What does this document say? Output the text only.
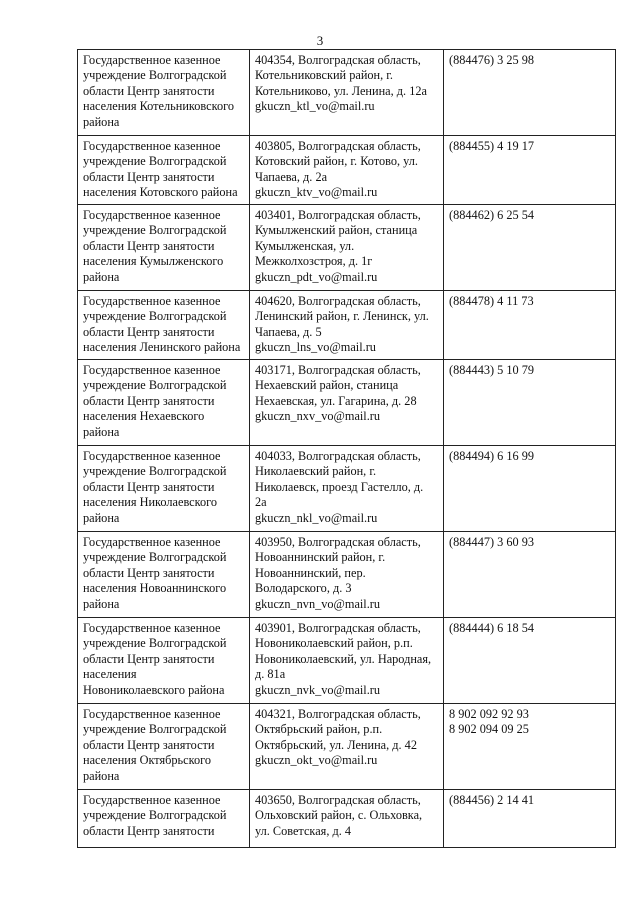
3
Государственное казенное
учреждение Волгоградской
области Центр занятости
населения Котельниковского
района	404354, Волгоградская область,
Котельниковский район, г.
Котельниково, ул. Ленина, д. 12а
gkuczn_ktl_vo@mail.ru	(884476) 3 25 98

Государственное казенное
учреждение Волгоградской
области Центр занятости
населения Котовского района	403805, Волгоградская область,
Котовский район, г. Котово, ул.
Чапаева, д. 2а
gkuczn_ktv_vo@mail.ru	(884455) 4 19 17

Государственное казенное
учреждение Волгоградской
области Центр занятости
населения Кумылженского
района	403401, Волгоградская область,
Кумылженский район, станица
Кумылженская, ул.
Межколхозстроя, д. 1г
gkuczn_pdt_vo@mail.ru	(884462) 6 25 54

Государственное казенное
учреждение Волгоградской
области Центр занятости
населения Ленинского района	404620, Волгоградская область,
Ленинский район, г. Ленинск, ул.
Чапаева, д. 5
gkuczn_lns_vo@mail.ru	(884478) 4 11 73

Государственное казенное
учреждение Волгоградской
области Центр занятости
населения Нехаевского
района	403171, Волгоградская область,
Нехаевский район, станица
Нехаевская, ул. Гагарина, д. 28
gkuczn_nxv_vo@mail.ru	(884443) 5 10 79

Государственное казенное
учреждение Волгоградской
области Центр занятости
населения Николаевского
района	404033, Волгоградская область,
Николаевский район, г.
Николаевск, проезд Гастелло, д.
2а
gkuczn_nkl_vo@mail.ru	(884494) 6 16 99

Государственное казенное
учреждение Волгоградской
области Центр занятости
населения Новоаннинского
района	403950, Волгоградская область,
Новоаннинский район, г.
Новоаннинский, пер.
Володарского, д. 3
gkuczn_nvn_vo@mail.ru	(884447) 3 60 93

Государственное казенное
учреждение Волгоградской
области Центр занятости
населения
Новониколаевского района	403901, Волгоградская область,
Новониколаевский район, р.п.
Новониколаевский, ул. Народная,
д. 81а
gkuczn_nvk_vo@mail.ru	(884444) 6 18 54

Государственное казенное
учреждение Волгоградской
области Центр занятости
населения Октябрьского
района	404321, Волгоградская область,
Октябрьский район, р.п.
Октябрьский, ул. Ленина, д. 42
gkuczn_okt_vo@mail.ru	8 902 092 92 93
8 902 094 09 25

Государственное казенное
учреждение Волгоградской
области Центр занятости	403650, Волгоградская область,
Ольховский район, с. Ольховка,
ул. Советская, д. 4	(884456) 2 14 41
